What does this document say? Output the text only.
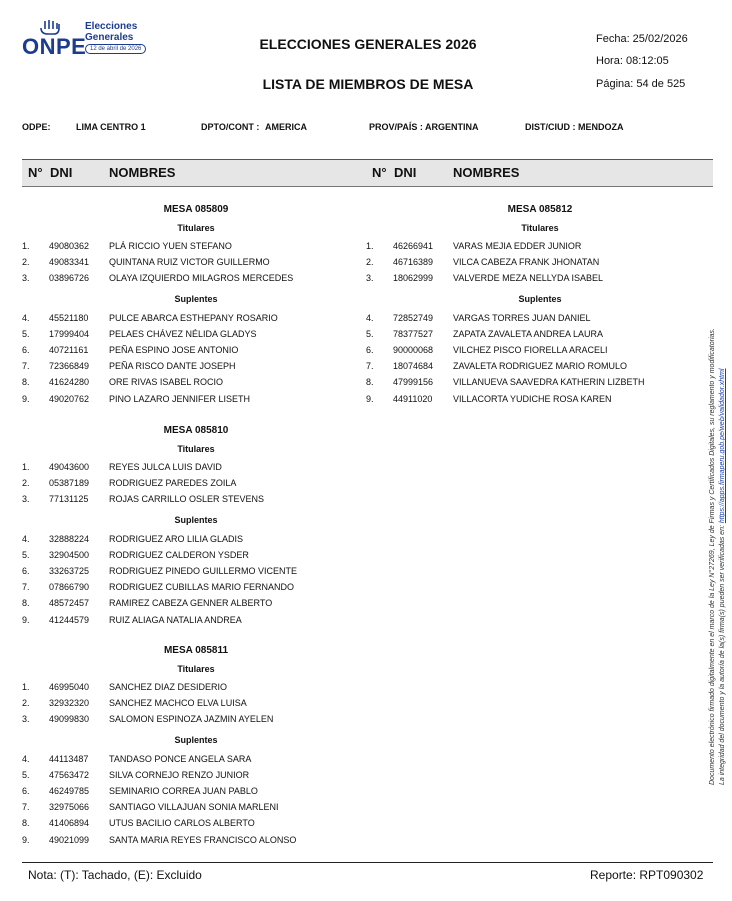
ONPE
Elecciones
Generales
12 de abril de 2026	ELECCIONES GENERALES 2026
LISTA DE MIEMBROS DE MESA
Fecha: 25/02/2026
Hora: 08:12:05
Página: 54 de 525
ODPE:	LIMA CENTRO 1	DPTO/CONT : AMERICA	PROV/PAÍS : ARGENTINA	DIST/CIUD : MENDOZA
N° DNI	NOMBRES	N° DNI	NOMBRES
MESA 085809
Titulares
1. 49080362 PLÁ RICCIO YUEN STEFANO
2. 49083341 QUINTANA RUIZ VICTOR GUILLERMO
3. 03896726 OLAYA IZQUIERDO MILAGROS MERCEDES
Suplentes
4. 45521180 PULCE ABARCA ESTHEPANY ROSARIO
5. 17999404 PELAES CHÁVEZ NÉLIDA GLADYS
6. 40721161 PEÑA ESPINO JOSE ANTONIO
7. 72366849 PEÑA RISCO DANTE JOSEPH
8. 41624280 ORE RIVAS ISABEL ROCIO
9. 49020762 PINO LAZARO JENNIFER LISETH
MESA 085810
Titulares
1. 49043600 REYES JULCA LUIS DAVID
2. 05387189 RODRIGUEZ PAREDES ZOILA
3. 77131125 ROJAS CARRILLO OSLER STEVENS
Suplentes
4. 32888224 RODRIGUEZ ARO LILIA GLADIS
5. 32904500 RODRIGUEZ CALDERON YSDER
6. 33263725 RODRIGUEZ PINEDO GUILLERMO VICENTE
7. 07866790 RODRIGUEZ CUBILLAS MARIO FERNANDO
8. 48572457 RAMIREZ CABEZA GENNER ALBERTO
9. 41244579 RUIZ ALIAGA NATALIA ANDREA
MESA 085811
Titulares
1. 46995040 SANCHEZ DIAZ DESIDERIO
2. 32932320 SANCHEZ MACHCO ELVA LUISA
3. 49099830 SALOMON ESPINOZA JAZMIN AYELEN
Suplentes
4. 44113487 TANDASO PONCE ANGELA SARA
5. 47563472 SILVA CORNEJO RENZO JUNIOR
6. 46249785 SEMINARIO CORREA JUAN PABLO
7. 32975066 SANTIAGO VILLAJUAN SONIA MARLENI
8. 41406894 UTUS BACILIO CARLOS ALBERTO
9. 49021099 SANTA MARIA REYES FRANCISCO ALONSO
MESA 085812
Titulares
1. 46266941 VARAS MEJIA EDDER JUNIOR
2. 46716389 VILCA CABEZA FRANK JHONATAN
3. 18062999 VALVERDE MEZA NELLYDA ISABEL
Suplentes
4. 72852749 VARGAS TORRES JUAN DANIEL
5. 78377527 ZAPATA ZAVALETA ANDREA LAURA
6. 90000068 VILCHEZ PISCO FIORELLA ARACELI
7. 18074684 ZAVALETA RODRIGUEZ MARIO ROMULO
8. 47999156 VILLANUEVA SAAVEDRA KATHERIN LIZBETH
9. 44911020 VILLACORTA YUDICHE ROSA KAREN	Documento electrónico firmado digitalmente en el marco de la Ley N°27269, Ley de Firmas y Certificados Digitales, su reglamento y modificatorias. La integridad del documento y la autoría de la(s) firma(s) pueden ser verificadas en: https://apps.firmaperu.gob.pe/web/validador.xhtml
Nota: (T): Tachado, (E): Excluido	Reporte: RPT090302
